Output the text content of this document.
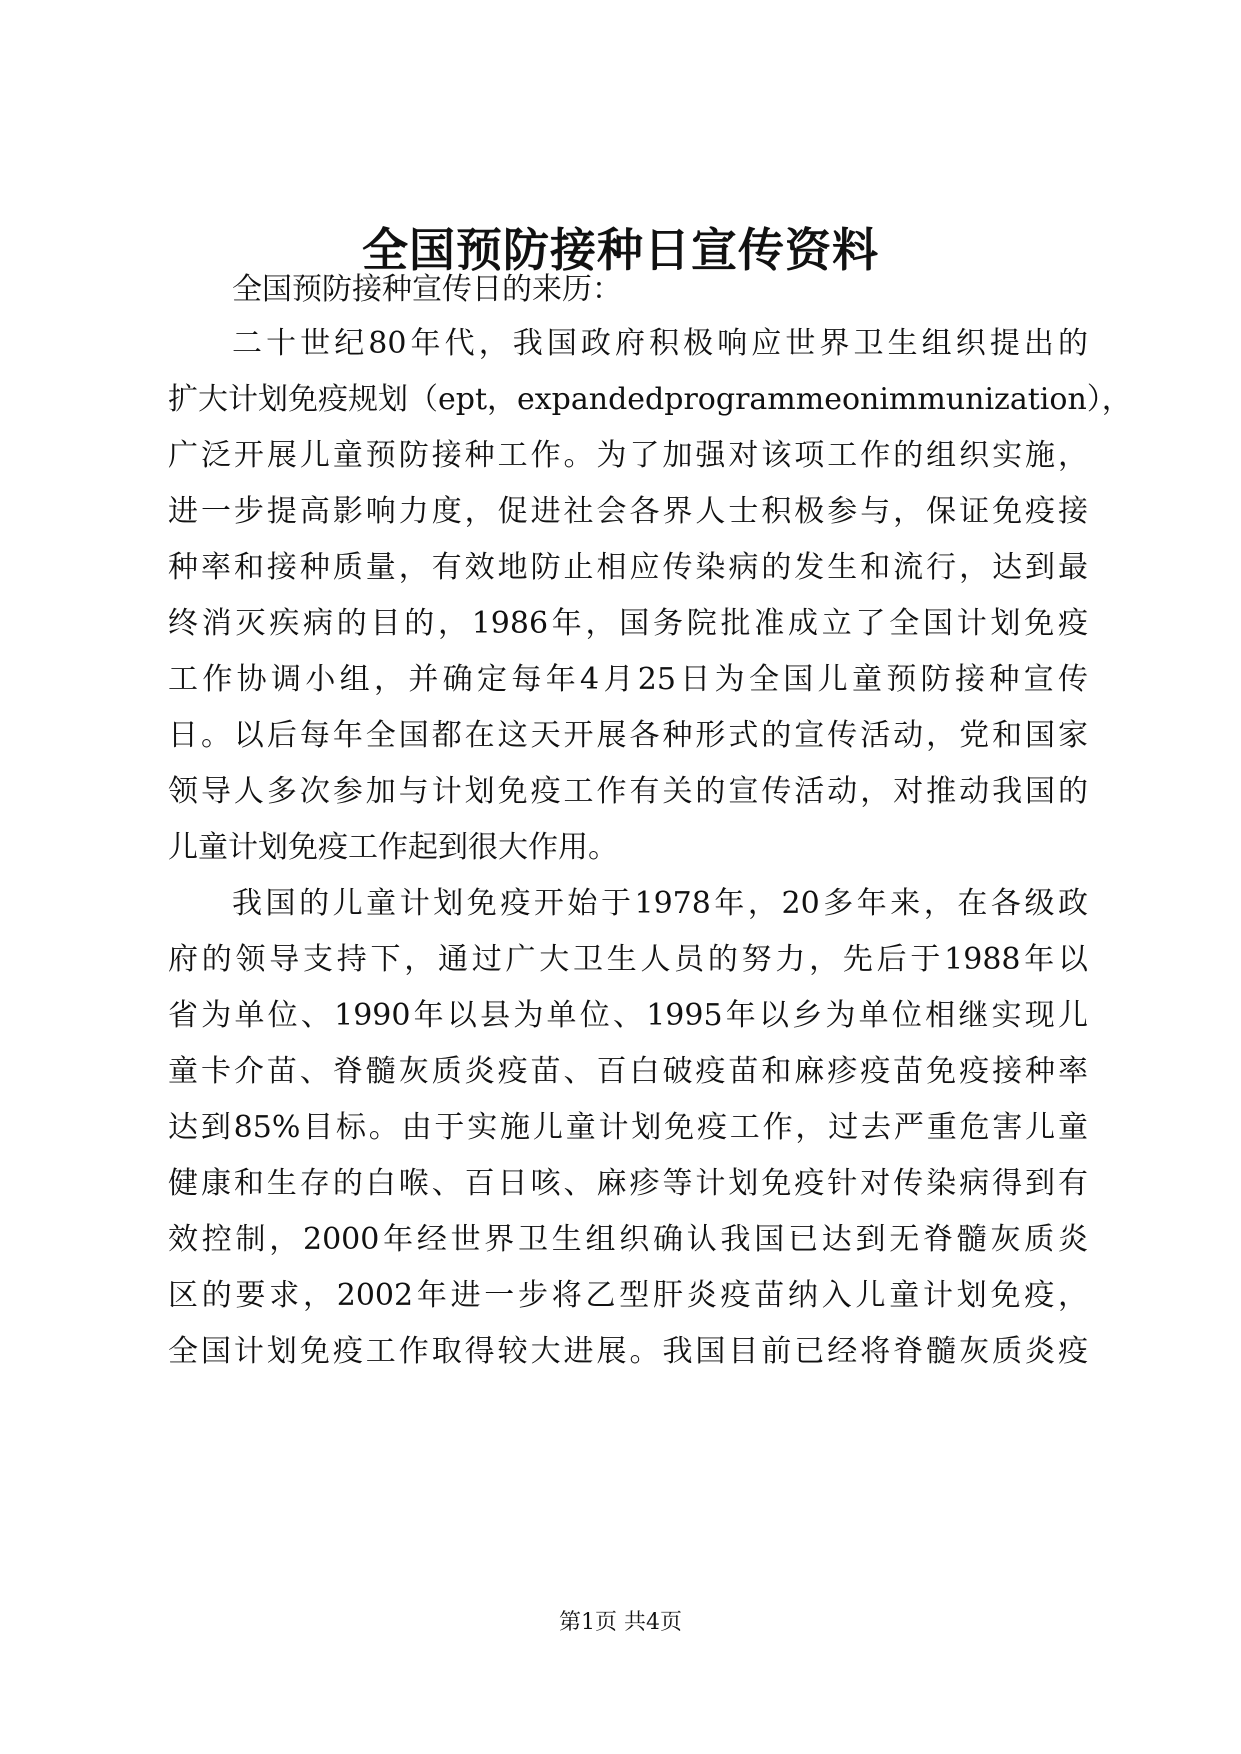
全国预防接种日宣传资料
全国预防接种宣传日的来历：
二十世纪80年代，我国政府积极响应世界卫生组织提出的
扩大计划免疫规划（ept，expandedprogrammeonimmunization），
广泛开展儿童预防接种工作。为了加强对该项工作的组织实施，
进一步提高影响力度，促进社会各界人士积极参与，保证免疫接
种率和接种质量，有效地防止相应传染病的发生和流行，达到最
终消灭疾病的目的，1986年，国务院批准成立了全国计划免疫
工作协调小组，并确定每年4月25日为全国儿童预防接种宣传
日。以后每年全国都在这天开展各种形式的宣传活动，党和国家
领导人多次参加与计划免疫工作有关的宣传活动，对推动我国的
儿童计划免疫工作起到很大作用。
我国的儿童计划免疫开始于1978年，20多年来，在各级政
府的领导支持下，通过广大卫生人员的努力，先后于1988年以
省为单位、1990年以县为单位、1995年以乡为单位相继实现儿
童卡介苗、脊髓灰质炎疫苗、百白破疫苗和麻疹疫苗免疫接种率
达到85%目标。由于实施儿童计划免疫工作，过去严重危害儿童
健康和生存的白喉、百日咳、麻疹等计划免疫针对传染病得到有
效控制，2000年经世界卫生组织确认我国已达到无脊髓灰质炎
区的要求，2002年进一步将乙型肝炎疫苗纳入儿童计划免疫，
全国计划免疫工作取得较大进展。我国目前已经将脊髓灰质炎疫
第1页 共4页
